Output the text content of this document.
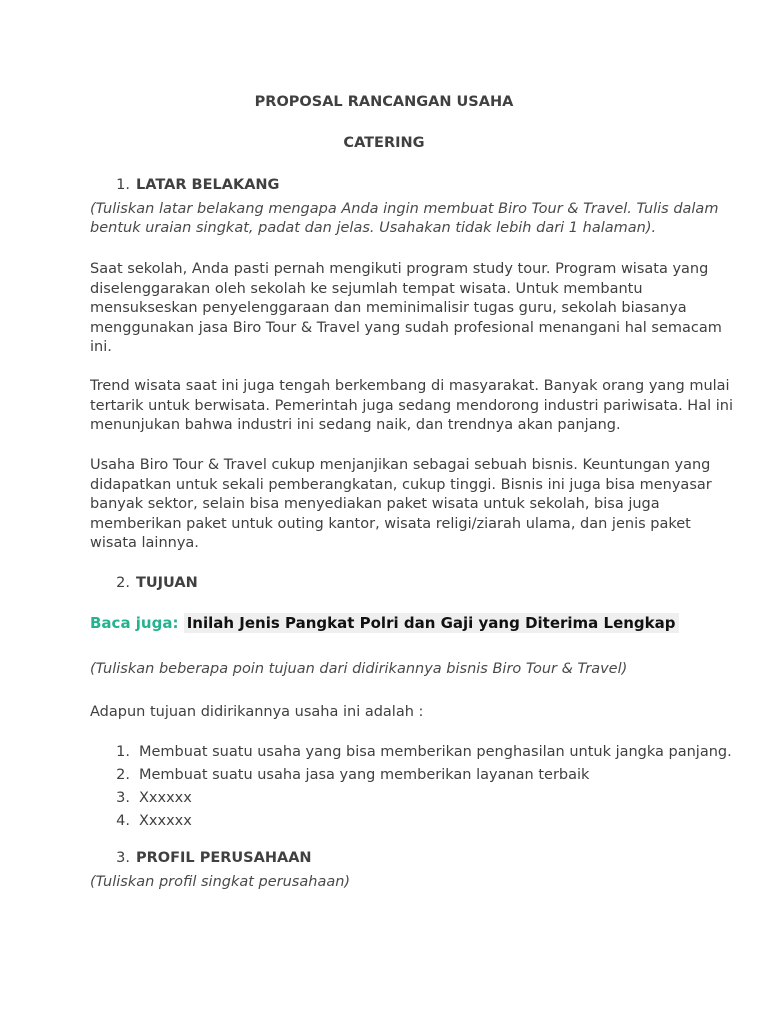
PROPOSAL RANCANGAN USAHA

CATERING

1. LATAR BELAKANG

(Tuliskan latar belakang mengapa Anda ingin membuat Biro Tour & Travel. Tulis dalam
bentuk uraian singkat, padat dan jelas. Usahakan tidak lebih dari 1 halaman).
Saat sekolah, Anda pasti pernah mengikuti program study tour. Program wisata yang
diselenggarakan oleh sekolah ke sejumlah tempat wisata. Untuk membantu
mensukseskan penyelenggaraan dan meminimalisir tugas guru, sekolah biasanya
menggunakan jasa Biro Tour & Travel yang sudah profesional menangani hal semacam
ini.
Trend wisata saat ini juga tengah berkembang di masyarakat. Banyak orang yang mulai
tertarik untuk berwisata. Pemerintah juga sedang mendorong industri pariwisata. Hal ini
menunjukan bahwa industri ini sedang naik, dan trendnya akan panjang.
Usaha Biro Tour & Travel cukup menjanjikan sebagai sebuah bisnis. Keuntungan yang
didapatkan untuk sekali pemberangkatan, cukup tinggi. Bisnis ini juga bisa menyasar
banyak sektor, selain bisa menyediakan paket wisata untuk sekolah, bisa juga
memberikan paket untuk outing kantor, wisata religi/ziarah ulama, dan jenis paket
wisata lainnya.

2. TUJUAN

Baca juga: Inilah Jenis Pangkat Polri dan Gaji yang Diterima Lengkap

(Tuliskan beberapa poin tujuan dari didirikannya bisnis Biro Tour & Travel)

Adapun tujuan didirikannya usaha ini adalah :

1. Membuat suatu usaha yang bisa memberikan penghasilan untuk jangka panjang.
2. Membuat suatu usaha jasa yang memberikan layanan terbaik
3. Xxxxxx
4. Xxxxxx

3. PROFIL PERUSAHAAN

(Tuliskan profil singkat perusahaan)
